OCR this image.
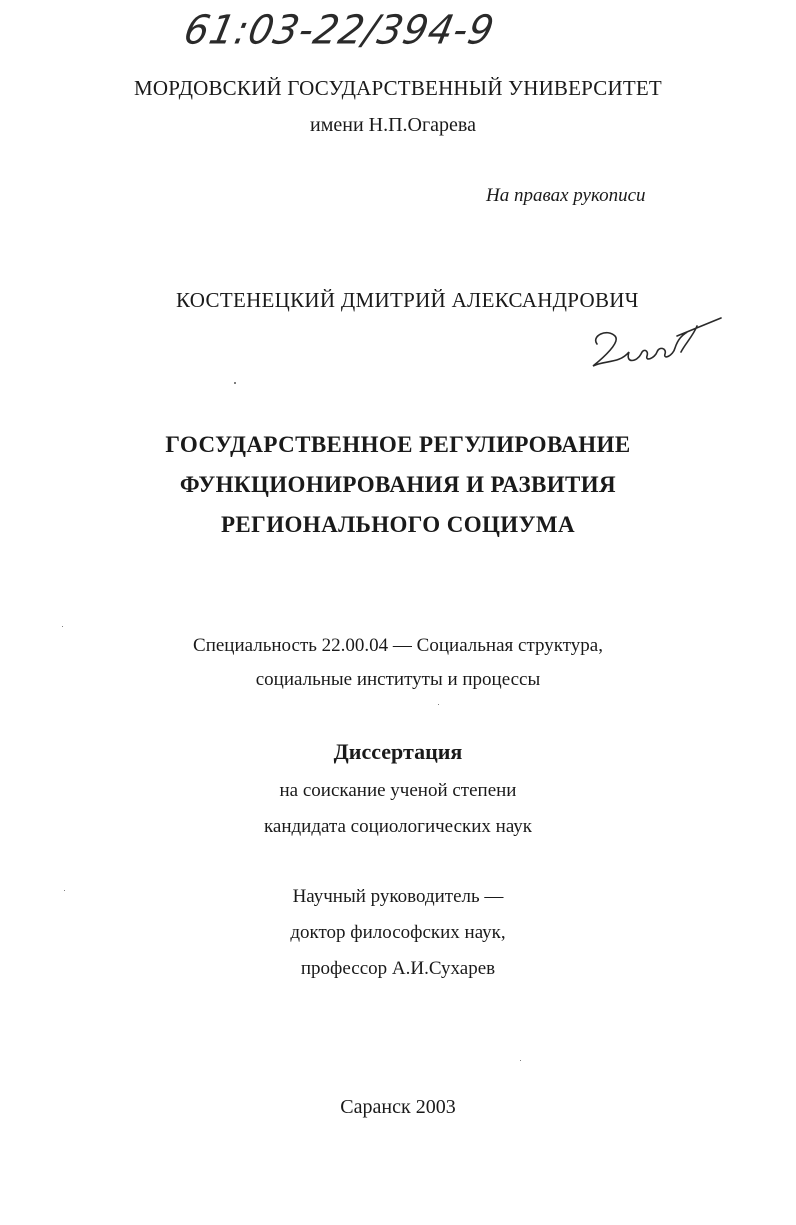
61:03-22/394-9
МОРДОВСКИЙ ГОСУДАРСТВЕННЫЙ УНИВЕРСИТЕТ
имени Н.П.Огарева
На правах рукописи
КОСТЕНЕЦКИЙ ДМИТРИЙ АЛЕКСАНДРОВИЧ
ГОСУДАРСТВЕННОЕ РЕГУЛИРОВАНИЕ
ФУНКЦИОНИРОВАНИЯ И РАЗВИТИЯ
РЕГИОНАЛЬНОГО СОЦИУМА
Специальность 22.00.04 — Социальная структура,
социальные институты и процессы
Диссертация
на соискание ученой степени
кандидата социологических наук
Научный руководитель —
доктор философских наук,
профессор А.И.Сухарев
Саранск 2003
